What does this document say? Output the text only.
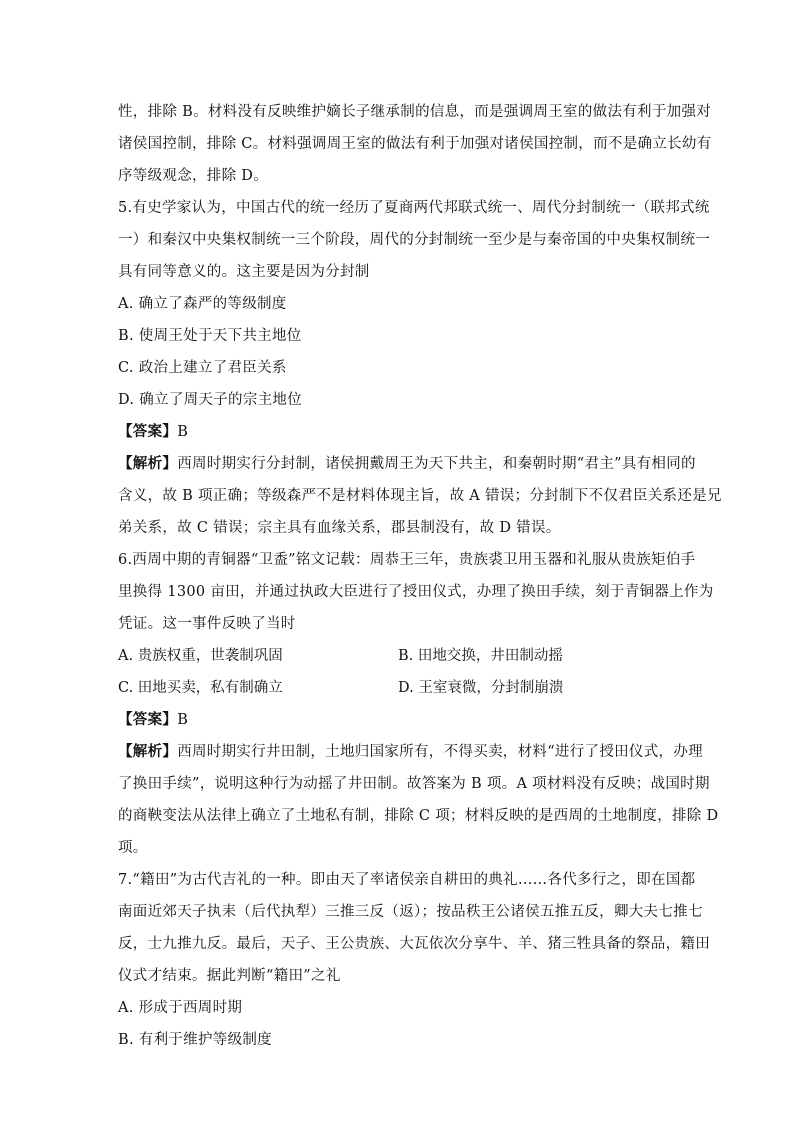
性，排除 B。材料没有反映维护嫡长子继承制的信息，而是强调周王室的做法有利于加强对
诸侯国控制，排除 C。材料强调周王室的做法有利于加强对诸侯国控制，而不是确立长幼有
序等级观念，排除 D。
5.有史学家认为，中国古代的统一经历了夏商两代邦联式统一、周代分封制统一（联邦式统
一）和秦汉中央集权制统一三个阶段，周代的分封制统一至少是与秦帝国的中央集权制统一
具有同等意义的。这主要是因为分封制
A. 确立了森严的等级制度
B. 使周王处于天下共主地位
C. 政治上建立了君臣关系
D. 确立了周天子的宗主地位
【答案】B
【解析】西周时期实行分封制，诸侯拥戴周王为天下共主，和秦朝时期“君主”具有相同的
含义，故 B 项正确；等级森严不是材料体现主旨，故 A 错误；分封制下不仅君臣关系还是兄
弟关系，故 C 错误；宗主具有血缘关系，郡县制没有，故 D 错误。
6.西周中期的青铜器“卫盉”铭文记载：周恭王三年，贵族裘卫用玉器和礼服从贵族矩伯手
里换得 1300 亩田，并通过执政大臣进行了授田仪式，办理了换田手续，刻于青铜器上作为
凭证。这一事件反映了当时
A. 贵族权重，世袭制巩固	B. 田地交换，井田制动摇
C. 田地买卖，私有制确立	D. 王室衰微，分封制崩溃
【答案】B
【解析】西周时期实行井田制，土地归国家所有，不得买卖，材料“进行了授田仪式，办理
了换田手续”，说明这种行为动摇了井田制。故答案为 B 项。A 项材料没有反映；战国时期
的商鞅变法从法律上确立了土地私有制，排除 C 项；材料反映的是西周的土地制度，排除 D
项。
7.“籍田”为古代吉礼的一种。即由天了率诸侯亲自耕田的典礼……各代多行之，即在国都
南面近郊天子执耒（后代执犁）三推三反（返）；按品秩王公诸侯五推五反，卿大夫七推七
反，士九推九反。最后，天子、王公贵族、大瓦依次分享牛、羊、猪三牲具备的祭品，籍田
仪式才结束。据此判断“籍田”之礼
A. 形成于西周时期
B. 有利于维护等级制度
